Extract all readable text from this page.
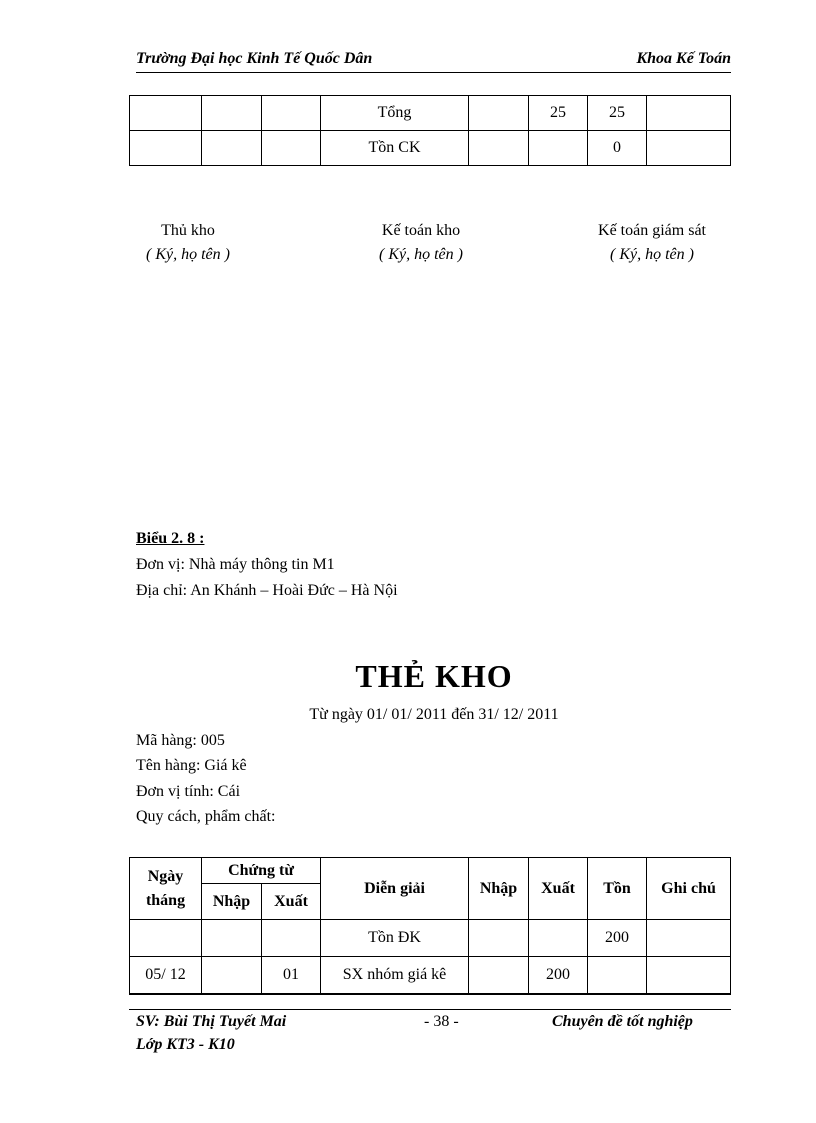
Trường Đại học Kinh Tế Quốc Dân	Khoa Kế Toán
			Tổng		25	25	
			Tồn CK			0	
Thủ kho
( Ký, họ tên )
Kế toán kho
( Ký, họ tên )
Kế toán giám sát
( Ký, họ tên )
Biểu 2. 8 :
Đơn vị: Nhà máy thông tin M1
Địa chỉ: An Khánh – Hoài Đức – Hà Nội
THẺ KHO
Từ ngày 01/ 01/ 2011 đến 31/ 12/ 2011
Mã hàng: 005
Tên hàng: Giá kê
Đơn vị tính: Cái
Quy cách, phẩm chất:
Ngày tháng	Chứng từ		Diễn giải	Nhập	Xuất	Tồn	Ghi chú
	Nhập	Xuất					
			Tồn ĐK			200	
05/ 12		01	SX nhóm giá kê		200		
SV: Bùi Thị Tuyết Mai
Lớp KT3 - K10
- 38 -	Chuyên đề tốt nghiệp
